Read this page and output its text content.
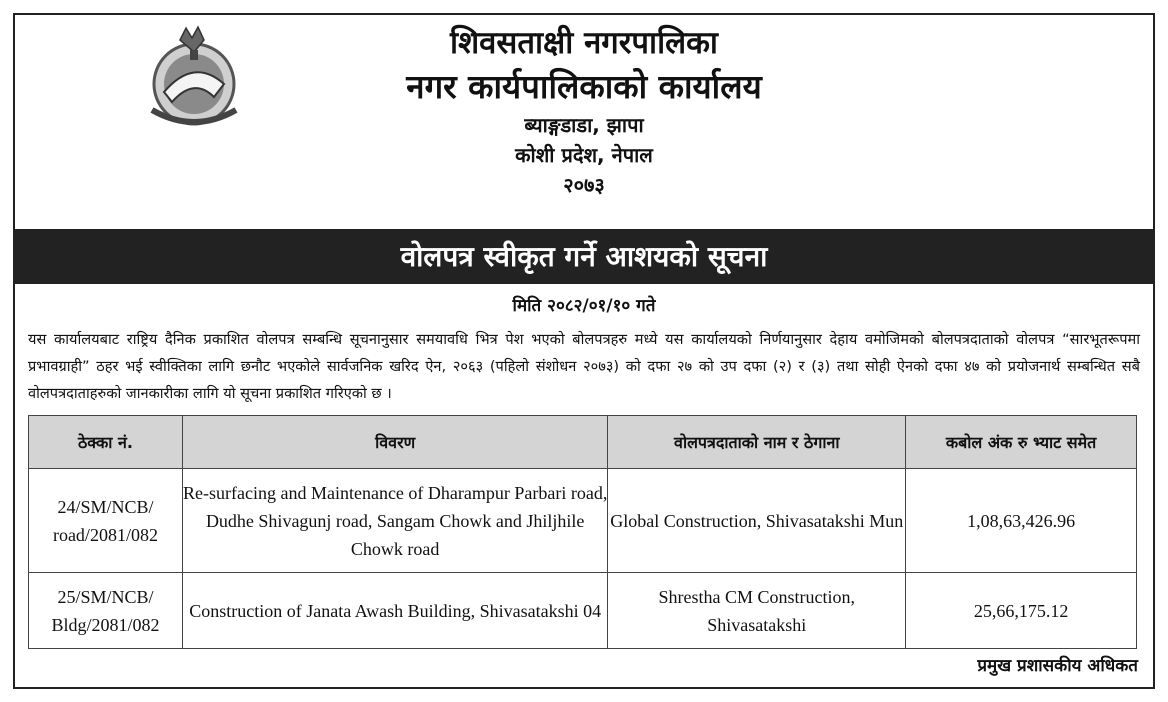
शिवसताक्षी नगरपालिका
नगर कार्यपालिकाको कार्यालय
ब्याङ्गडाडा, झापा
कोशी प्रदेश, नेपाल
२०७३
वोलपत्र स्वीकृत गर्ने आशयको सूचना
मिति २०८२/०१/१० गते
यस कार्यालयबाट राष्ट्रिय दैनिक प्रकाशित वोलपत्र सम्बन्धि सूचनानुसार समयावधि भित्र पेश भएको बोलपत्रहरु मध्ये यस कार्यालयको निर्णयानुसार देहाय वमोजिमको बोलपत्रदाताको वोलपत्र “सारभूतरूपमा प्रभावग्राही” ठहर भई स्वीक्तिका लागि छनौट भएकोले सार्वजनिक खरिद ऐन, २०६३ (पहिलो संशोधन २०७३) को दफा २७ को उप दफा (२) र (३) तथा सोही ऐनको दफा ४७ को प्रयोजनार्थ सम्बन्धित सबै वोलपत्रदाताहरुको जानकारीका लागि यो सूचना प्रकाशित गरिएको छ ।
ठेक्का नं.	विवरण	वोलपत्रदाताको नाम र ठेगाना	कबोल अंक रु भ्याट समेत
24/SM/NCB/ road/2081/082	Re-surfacing and Maintenance of Dharampur Parbari road, Dudhe Shivagunj road, Sangam Chowk and Jhiljhile Chowk road	Global Construction, Shivasatakshi Mun	1,08,63,426.96
25/SM/NCB/ Bldg/2081/082	Construction of Janata Awash Building, Shivasatakshi 04	Shrestha CM Construction, Shivasatakshi	25,66,175.12
प्रमुख प्रशासकीय अधिकत
